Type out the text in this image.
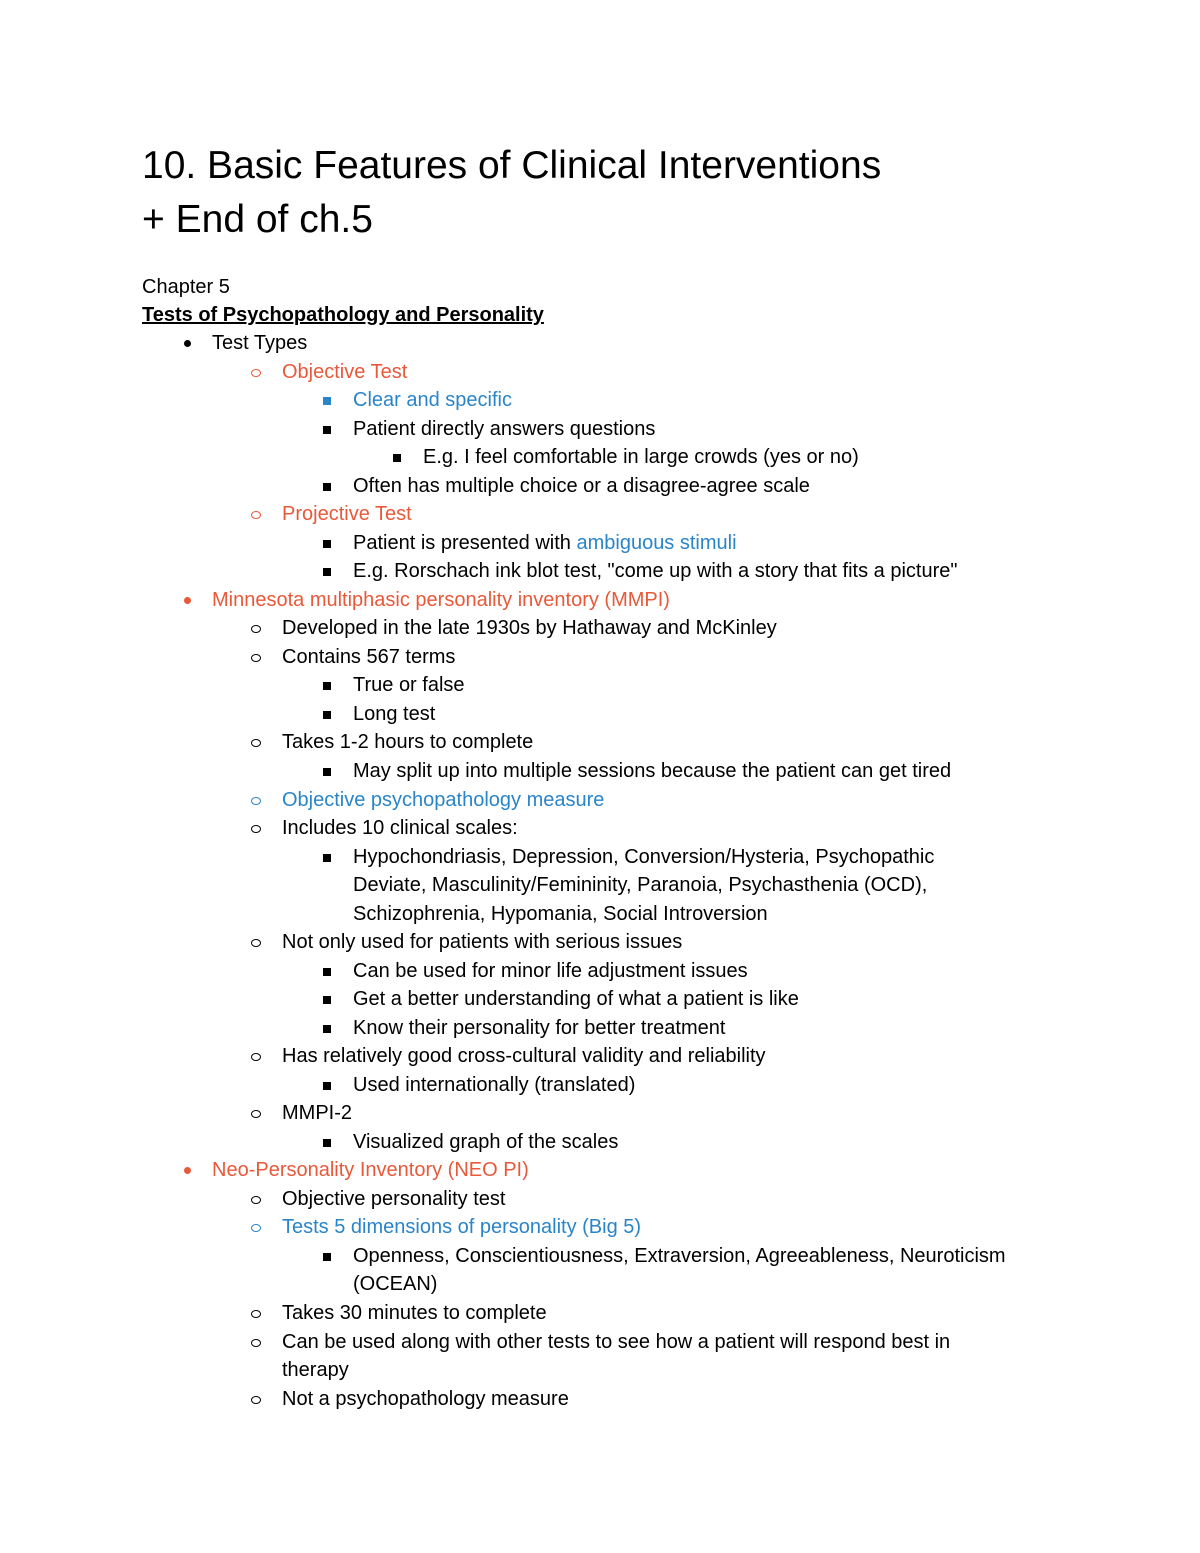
10. Basic Features of Clinical Interventions
+ End of ch.5
Chapter 5
Tests of Psychopathology and Personality
Test Types
Objective Test
Clear and specific
Patient directly answers questions
E.g. I feel comfortable in large crowds (yes or no)
Often has multiple choice or a disagree-agree scale
Projective Test
Patient is presented with ambiguous stimuli
E.g. Rorschach ink blot test, "come up with a story that fits a picture"
Minnesota multiphasic personality inventory (MMPI)
Developed in the late 1930s by Hathaway and McKinley
Contains 567 terms
True or false
Long test
Takes 1-2 hours to complete
May split up into multiple sessions because the patient can get tired
Objective psychopathology measure
Includes 10 clinical scales:
Hypochondriasis, Depression, Conversion/Hysteria, Psychopathic
Deviate, Masculinity/Femininity, Paranoia, Psychasthenia (OCD),
Schizophrenia, Hypomania, Social Introversion
Not only used for patients with serious issues
Can be used for minor life adjustment issues
Get a better understanding of what a patient is like
Know their personality for better treatment
Has relatively good cross-cultural validity and reliability
Used internationally (translated)
MMPI-2
Visualized graph of the scales
Neo-Personality Inventory (NEO PI)
Objective personality test
Tests 5 dimensions of personality (Big 5)
Openness, Conscientiousness, Extraversion, Agreeableness, Neuroticism
(OCEAN)
Takes 30 minutes to complete
Can be used along with other tests to see how a patient will respond best in
therapy
Not a psychopathology measure
